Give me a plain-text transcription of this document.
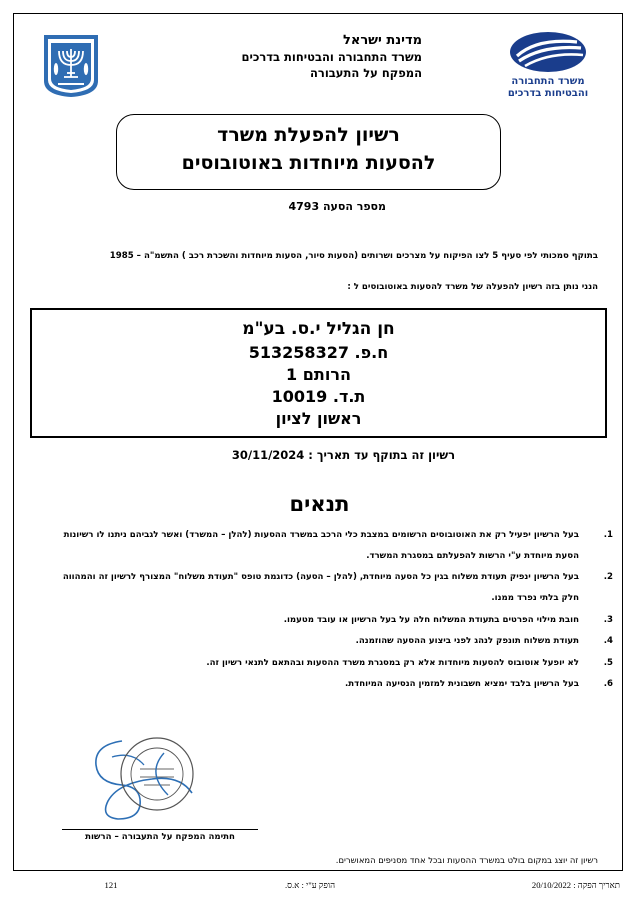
מדינת ישראל
משרד התחבורה והבטיחות בדרכים
המפקח על התעבורה
משרד התחבורה
והבטיחות בדרכים
רשיון להפעלת משרד
להסעות מיוחדות באוטובוסים
מספר הסעה 4793
בתוקף סמכותי לפי סעיף 5 לצו הפיקוח על מצרכים ושרותים (הסעות סיור, הסעות מיוחדות והשכרת רכב ) התשמ"ה – 1985
הנני נותן בזה רשיון להפעלה של משרד להסעות באוטובוסים ל :
חן הגליל י.ס. בע"מ
ח.פ. 513258327
הרותם 1
ת.ד. 10019
ראשון לציון
רשיון זה בתוקף עד תאריך : 30/11/2024
תנאים
1.
בעל הרשיון יפעיל רק את האוטובוסים הרשומים במצבת כלי הרכב במשרד ההסעות (להלן – המשרד) ואשר לגביהם ניתנו לו רשיונות הסעת מיוחדת ע"י הרשות להפעלתם במסגרת המשרד.
2.
בעל הרשיון ינפיק תעודת משלוח בגין כל הסעה מיוחדת, (להלן – הסעה) כדוגמת טופס "תעודת משלוח" המצורף לרשיון זה והמהווה חלק בלתי נפרד ממנו.
3.
חובת מילוי הפרטים בתעודת המשלוח חלה על בעל הרשיון או עובד מטעמו.
4.
תעודת משלוח תונפק לנהג לפני ביצוע ההסעה שהוזמנה.
5.
לא יופעל אוטובוס להסעות מיוחדות אלא רק במסגרת משרד ההסעות ובהתאם לתנאי רשיון זה.
6.
בעל הרשיון בלבד ימציא חשבונית למזמין הנסיעה המיוחדת.
חתימה המפקח על התעבורה – הרשות
רשיון זה יוצג במקום בולט במשרד ההסעות ובכל אחד מסניפים המאושרים.
תאריך הפקה : 20/10/2022
הופק ע"י : א.ס.
121
